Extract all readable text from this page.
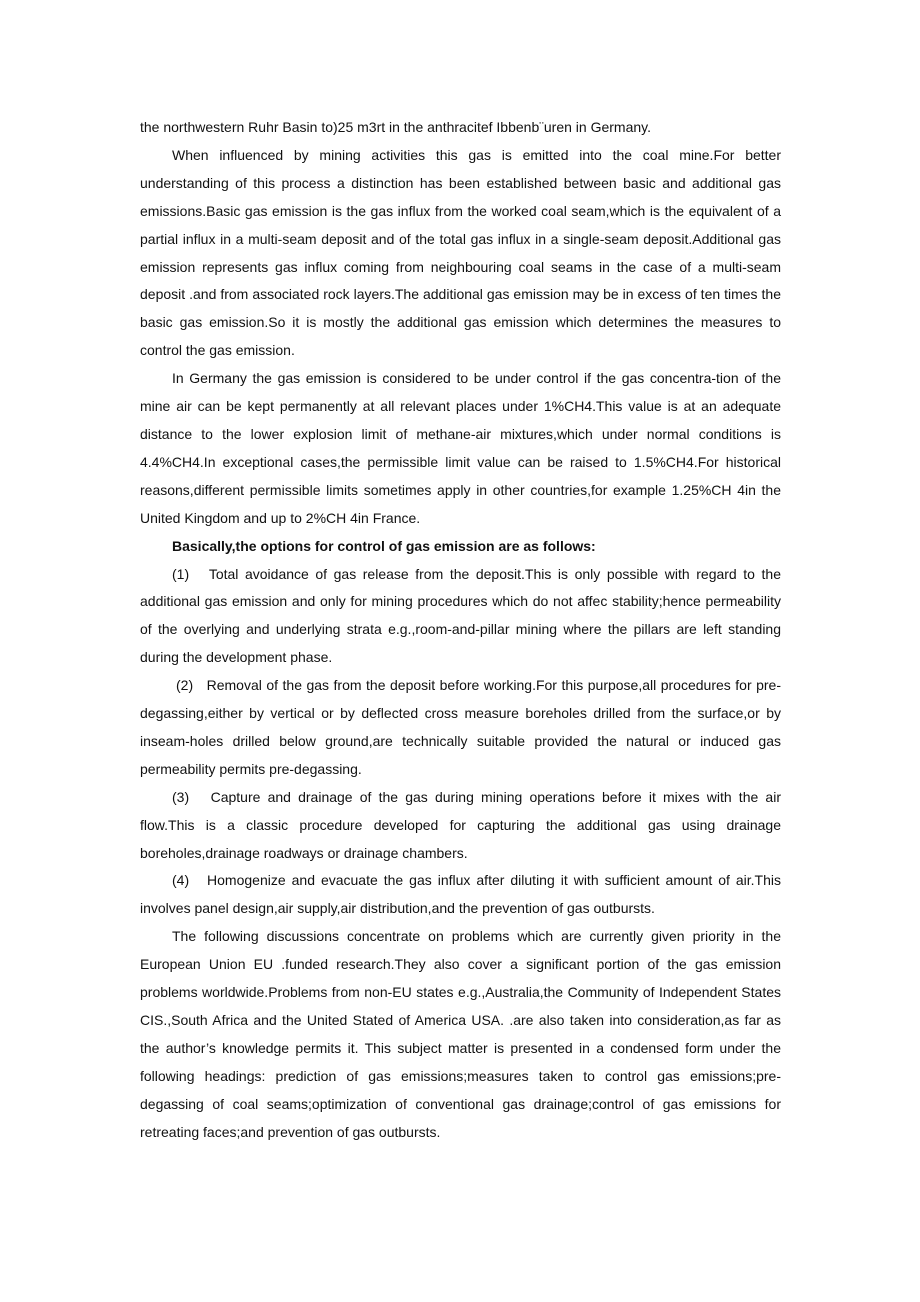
the northwestern Ruhr Basin to)25 m3rt in the anthracitef Ibbenb¨uren in Germany.

When influenced by mining activities this gas is emitted into the coal mine.For better understanding of this process a distinction has been established between basic and additional gas emissions.Basic gas emission is the gas influx from the worked coal seam,which is the equivalent of a partial influx in a multi-seam deposit and of the total gas influx in a single-seam deposit.Additional gas emission represents gas influx coming from neighbouring coal seams in the case of a multi-seam deposit .and from associated rock layers.The additional gas emission may be in excess of ten times the basic gas emission.So it is mostly the additional gas emission which determines the measures to control the gas emission.

In Germany the gas emission is considered to be under control if the gas concentra-tion of the mine air can be kept permanently at all relevant places under 1%CH4.This value is at an adequate distance to the lower explosion limit of methane-air mixtures,which under normal conditions is 4.4%CH4.In exceptional cases,the permissible limit value can be raised to 1.5%CH4.For historical reasons,different permissible limits sometimes apply in other countries,for example 1.25%CH 4in the United Kingdom and up to 2%CH 4in France.

Basically,the options for control of gas emission are as follows:

(1)   Total avoidance of gas release from the deposit.This is only possible with regard to the additional gas emission and only for mining procedures which do not affec stability;hence permeability of the overlying and underlying strata e.g.,room-and-pillar mining where the pillars are left standing during the development phase.

(2)   Removal of the gas from the deposit before working.For this purpose,all procedures for pre-degassing,either by vertical or by deflected cross measure boreholes drilled from the surface,or by inseam-holes drilled below ground,are technically suitable provided the natural or induced gas permeability permits pre-degassing.

(3)   Capture and drainage of the gas during mining operations before it mixes with the air flow.This is a classic procedure developed for capturing the additional gas using drainage boreholes,drainage roadways or drainage chambers.

(4)   Homogenize and evacuate the gas influx after diluting it with sufficient amount of air.This involves panel design,air supply,air distribution,and the prevention of gas outbursts.

The following discussions concentrate on problems which are currently given priority in the European Union EU .funded research.They also cover a significant portion of the gas emission problems worldwide.Problems from non-EU states e.g.,Australia,the Community of Independent States CIS.,South Africa and the United Stated of America USA. .are also taken into consideration,as far as the author’s knowledge permits it. This subject matter is presented in a condensed form under the following headings: prediction of gas emissions;measures taken to control gas emissions;pre-degassing of coal seams;optimization of conventional gas drainage;control of gas emissions for retreating faces;and prevention of gas outbursts.
